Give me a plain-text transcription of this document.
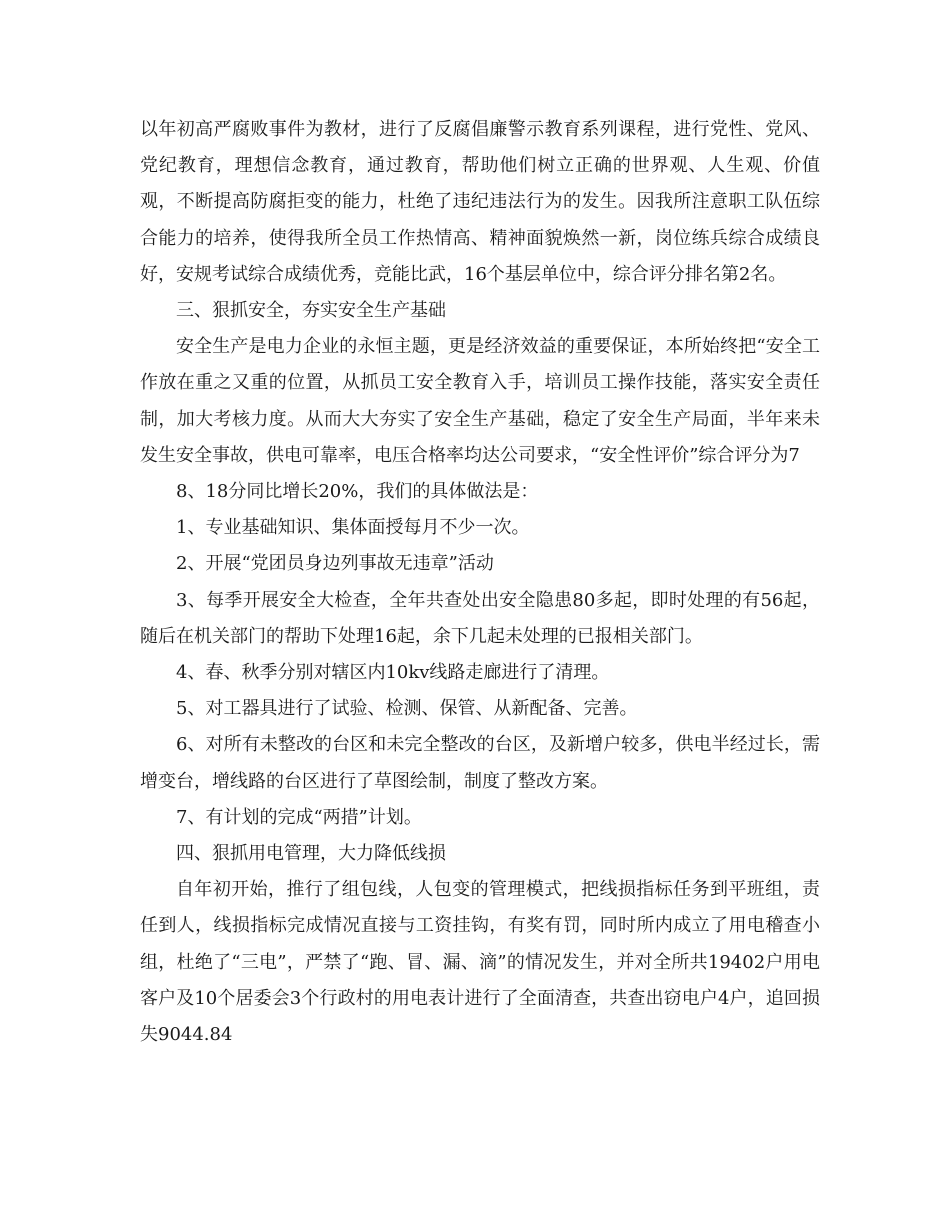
以年初高严腐败事件为教材，进行了反腐倡廉警示教育系列课程，进行党性、党风、党纪教育，理想信念教育，通过教育，帮助他们树立正确的世界观、人生观、价值观，不断提高防腐拒变的能力，杜绝了违纪违法行为的发生。因我所注意职工队伍综合能力的培养，使得我所全员工作热情高、精神面貌焕然一新，岗位练兵综合成绩良好，安规考试综合成绩优秀，竞能比武，16个基层单位中，综合评分排名第2名。

三、狠抓安全，夯实安全生产基础

安全生产是电力企业的永恒主题，更是经济效益的重要保证，本所始终把“安全工作放在重之又重的位置，从抓员工安全教育入手，培训员工操作技能，落实安全责任制，加大考核力度。从而大大夯实了安全生产基础，稳定了安全生产局面，半年来未发生安全事故，供电可靠率，电压合格率均达公司要求，“安全性评价”综合评分为7

8、18分同比增长20%，我们的具体做法是：

1、专业基础知识、集体面授每月不少一次。

2、开展“党团员身边列事故无违章”活动

3、每季开展安全大检查，全年共查处出安全隐患80多起，即时处理的有56起，随后在机关部门的帮助下处理16起，余下几起未处理的已报相关部门。

4、春、秋季分别对辖区内10kv线路走廊进行了清理。

5、对工器具进行了试验、检测、保管、从新配备、完善。

6、对所有未整改的台区和未完全整改的台区，及新增户较多，供电半经过长，需增变台，增线路的台区进行了草图绘制，制度了整改方案。

7、有计划的完成“两措”计划。

四、狠抓用电管理，大力降低线损

自年初开始，推行了组包线，人包变的管理模式，把线损指标任务到平班组，责任到人，线损指标完成情况直接与工资挂钩，有奖有罚，同时所内成立了用电稽查小组，杜绝了“三电”，严禁了“跑、冒、漏、滴”的情况发生，并对全所共19402户用电客户及10个居委会3个行政村的用电表计进行了全面清查，共查出窃电户4户，追回损失9044.84
